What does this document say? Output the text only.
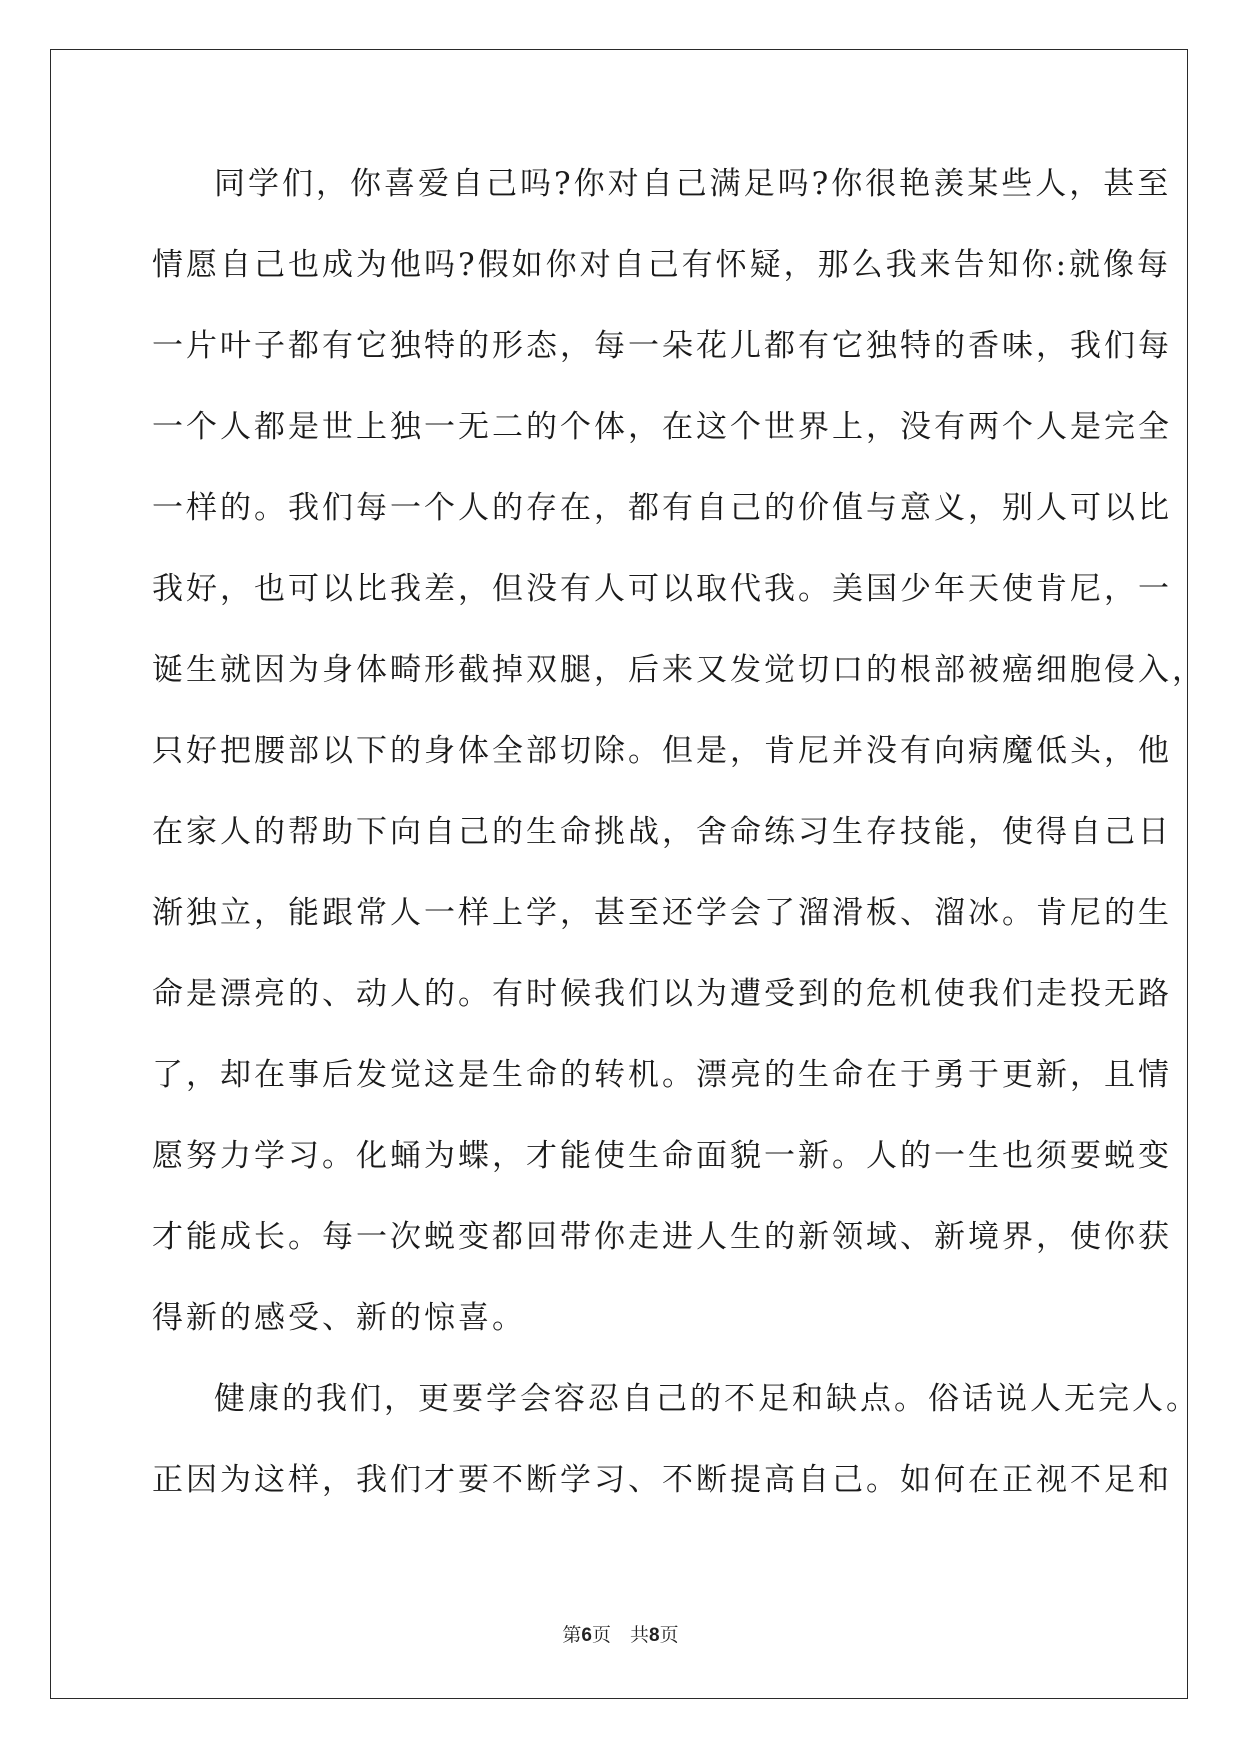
同学们，你喜爱自己吗?你对自己满足吗?你很艳羡某些人，甚至
情愿自己也成为他吗?假如你对自己有怀疑，那么我来告知你:就像每
一片叶子都有它独特的形态，每一朵花儿都有它独特的香味，我们每
一个人都是世上独一无二的个体，在这个世界上，没有两个人是完全
一样的。我们每一个人的存在，都有自己的价值与意义，别人可以比
我好，也可以比我差，但没有人可以取代我。美国少年天使肯尼，一
诞生就因为身体畸形截掉双腿，后来又发觉切口的根部被癌细胞侵入，
只好把腰部以下的身体全部切除。但是，肯尼并没有向病魔低头，他
在家人的帮助下向自己的生命挑战，舍命练习生存技能，使得自己日
渐独立，能跟常人一样上学，甚至还学会了溜滑板、溜冰。肯尼的生
命是漂亮的、动人的。有时候我们以为遭受到的危机使我们走投无路
了，却在事后发觉这是生命的转机。漂亮的生命在于勇于更新，且情
愿努力学习。化蛹为蝶，才能使生命面貌一新。人的一生也须要蜕变
才能成长。每一次蜕变都回带你走进人生的新领域、新境界，使你获
得新的感受、新的惊喜。
健康的我们，更要学会容忍自己的不足和缺点。俗话说人无完人。
正因为这样，我们才要不断学习、不断提高自己。如何在正视不足和
第6页　共8页
